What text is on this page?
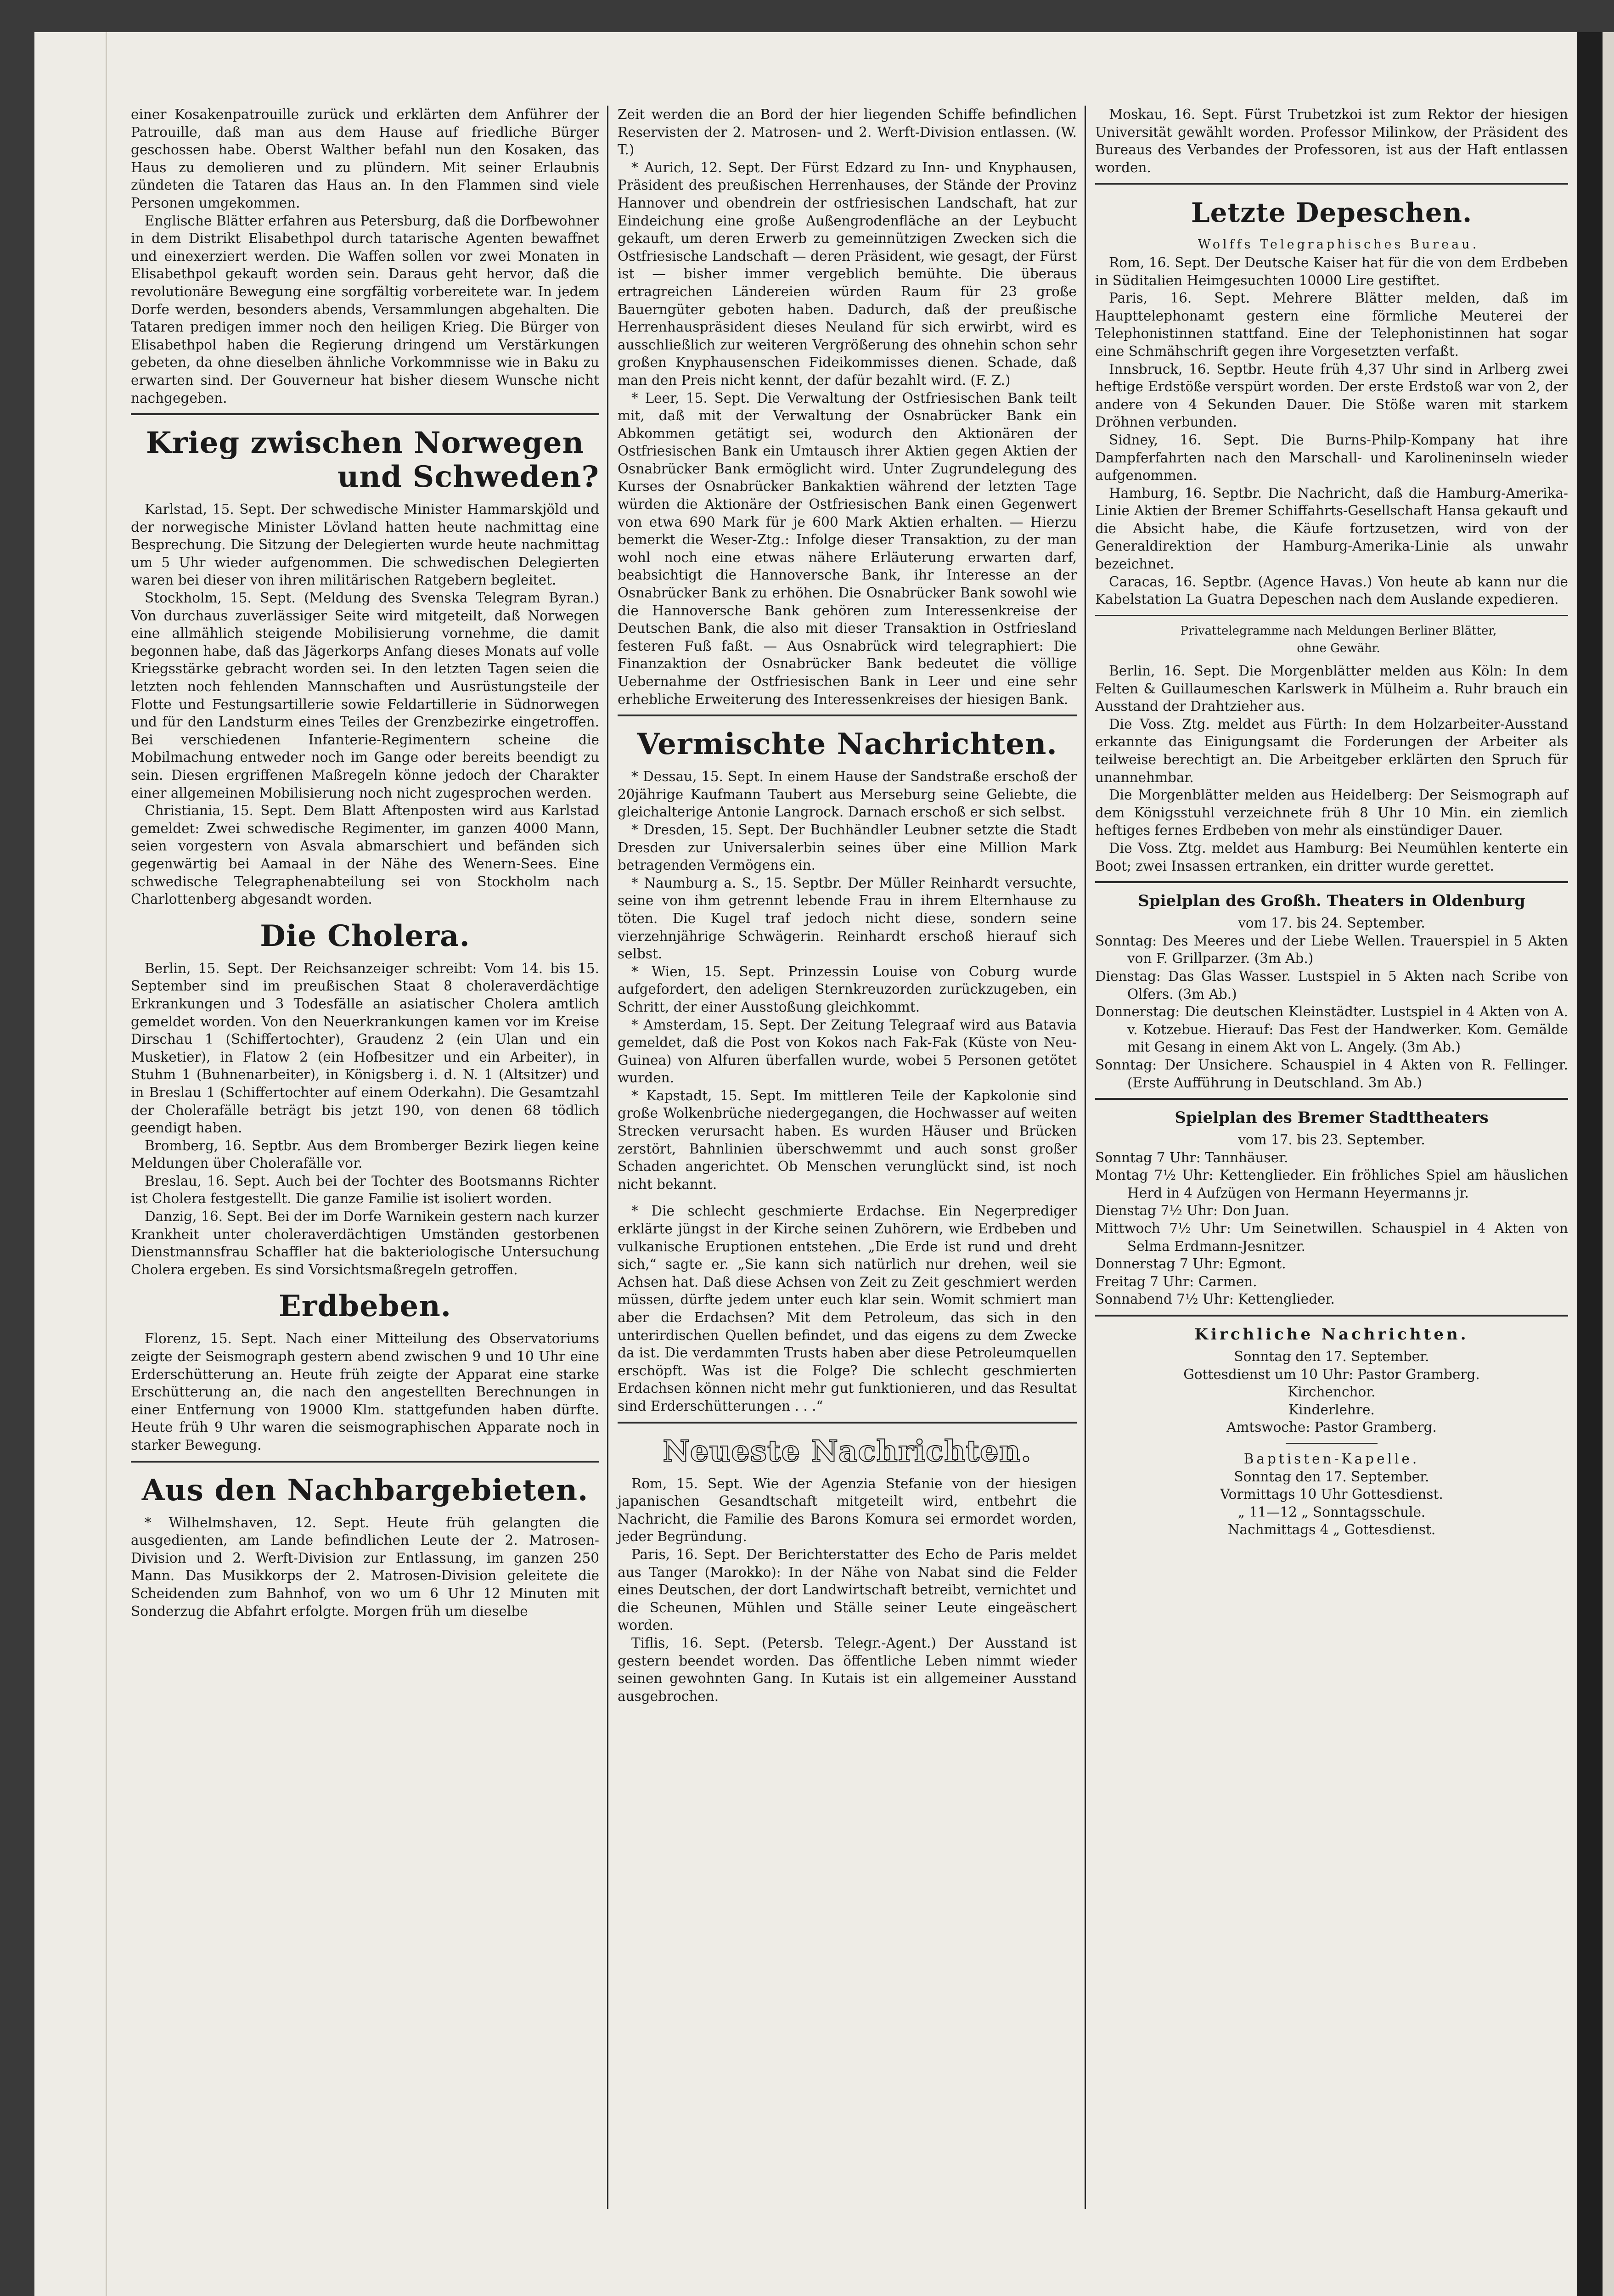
einer Kosakenpatrouille zurück und erklärten dem Anführer der Patrouille, daß man aus dem Hause auf friedliche Bürger geschossen habe. Oberst Walther befahl nun den Kosaken, das Haus zu demolieren und zu plündern. Mit seiner Erlaubnis zündeten die Tataren das Haus an. In den Flammen sind viele Personen umgekommen.

Englische Blätter erfahren aus Petersburg, daß die Dorfbewohner in dem Distrikt Elisabethpol durch tatarische Agenten bewaffnet und einexerziert werden. Die Waffen sollen vor zwei Monaten in Elisabethpol gekauft worden sein. Daraus geht hervor, daß die revolutionäre Bewegung eine sorgfältig vorbereitete war. In jedem Dorfe werden, besonders abends, Versammlungen abgehalten. Die Tataren predigen immer noch den heiligen Krieg. Die Bürger von Elisabethpol haben die Regierung dringend um Verstärkungen gebeten, da ohne dieselben ähnliche Vorkommnisse wie in Baku zu erwarten sind. Der Gouverneur hat bisher diesem Wunsche nicht nachgegeben.

Krieg zwischen Norwegen
und Schweden?

Karlstad, 15. Sept. Der schwedische Minister Hammarskjöld und der norwegische Minister Lövland hatten heute nachmittag eine Besprechung. Die Sitzung der Delegierten wurde heute nachmittag um 5 Uhr wieder aufgenommen. Die schwedischen Delegierten waren bei dieser von ihren militärischen Ratgebern begleitet.

Stockholm, 15. Sept. (Meldung des Svenska Telegram Byran.) Von durchaus zuverlässiger Seite wird mitgeteilt, daß Norwegen eine allmählich steigende Mobilisierung vornehme, die damit begonnen habe, daß das Jägerkorps Anfang dieses Monats auf volle Kriegsstärke gebracht worden sei. In den letzten Tagen seien die letzten noch fehlenden Mannschaften und Ausrüstungsteile der Flotte und Festungsartillerie sowie Feldartillerie in Südnorwegen und für den Landsturm eines Teiles der Grenzbezirke eingetroffen. Bei verschiedenen Infanterie-Regimentern scheine die Mobilmachung entweder noch im Gange oder bereits beendigt zu sein. Diesen ergriffenen Maßregeln könne jedoch der Charakter einer allgemeinen Mobilisierung noch nicht zugesprochen werden.

Christiania, 15. Sept. Dem Blatt Aftenposten wird aus Karlstad gemeldet: Zwei schwedische Regimenter, im ganzen 4000 Mann, seien vorgestern von Asvala abmarschiert und befänden sich gegenwärtig bei Aamaal in der Nähe des Wenern-Sees. Eine schwedische Telegraphenabteilung sei von Stockholm nach Charlottenberg abgesandt worden.

Die Cholera.

Berlin, 15. Sept. Der Reichsanzeiger schreibt: Vom 14. bis 15. September sind im preußischen Staat 8 choleraverdächtige Erkrankungen und 3 Todesfälle an asiatischer Cholera amtlich gemeldet worden. Von den Neuerkrankungen kamen vor im Kreise Dirschau 1 (Schiffertochter), Graudenz 2 (ein Ulan und ein Musketier), in Flatow 2 (ein Hofbesitzer und ein Arbeiter), in Stuhm 1 (Buhnenarbeiter), in Königsberg i. d. N. 1 (Altsitzer) und in Breslau 1 (Schiffertochter auf einem Oderkahn). Die Gesamtzahl der Cholerafälle beträgt bis jetzt 190, von denen 68 tödlich geendigt haben.

Bromberg, 16. Septbr. Aus dem Bromberger Bezirk liegen keine Meldungen über Cholerafälle vor.

Breslau, 16. Sept. Auch bei der Tochter des Bootsmanns Richter ist Cholera festgestellt. Die ganze Familie ist isoliert worden.

Danzig, 16. Sept. Bei der im Dorfe Warnikein gestern nach kurzer Krankheit unter choleraverdächtigen Umständen gestorbenen Dienstmannsfrau Schaffler hat die bakteriologische Untersuchung Cholera ergeben. Es sind Vorsichtsmaßregeln getroffen.

Erdbeben.

Florenz, 15. Sept. Nach einer Mitteilung des Observatoriums zeigte der Seismograph gestern abend zwischen 9 und 10 Uhr eine Erderschütterung an. Heute früh zeigte der Apparat eine starke Erschütterung an, die nach den angestellten Berechnungen in einer Entfernung von 19000 Klm. stattgefunden haben dürfte. Heute früh 9 Uhr waren die seismographischen Apparate noch in starker Bewegung.

Aus den Nachbargebieten.

* Wilhelmshaven, 12. Sept. Heute früh gelangten die ausgedienten, am Lande befindlichen Leute der 2. Matrosen-Division und 2. Werft-Division zur Entlassung, im ganzen 250 Mann. Das Musikkorps der 2. Matrosen-Division geleitete die Scheidenden zum Bahnhof, von wo um 6 Uhr 12 Minuten mit Sonderzug die Abfahrt erfolgte. Morgen früh um dieselbe

Zeit werden die an Bord der hier liegenden Schiffe befindlichen Reservisten der 2. Matrosen- und 2. Werft-Division entlassen. (W. T.)

* Aurich, 12. Sept. Der Fürst Edzard zu Inn- und Knyphausen, Präsident des preußischen Herrenhauses, der Stände der Provinz Hannover und obendrein der ostfriesischen Landschaft, hat zur Eindeichung eine große Außengrodenfläche an der Leybucht gekauft, um deren Erwerb zu gemeinnützigen Zwecken sich die Ostfriesische Landschaft — deren Präsident, wie gesagt, der Fürst ist — bisher immer vergeblich bemühte. Die überaus ertragreichen Ländereien würden Raum für 23 große Bauerngüter geboten haben. Dadurch, daß der preußische Herrenhauspräsident dieses Neuland für sich erwirbt, wird es ausschließlich zur weiteren Vergrößerung des ohnehin schon sehr großen Knyphausenschen Fideikommisses dienen. Schade, daß man den Preis nicht kennt, der dafür bezahlt wird. (F. Z.)

* Leer, 15. Sept. Die Verwaltung der Ostfriesischen Bank teilt mit, daß mit der Verwaltung der Osnabrücker Bank ein Abkommen getätigt sei, wodurch den Aktionären der Ostfriesischen Bank ein Umtausch ihrer Aktien gegen Aktien der Osnabrücker Bank ermöglicht wird. Unter Zugrundelegung des Kurses der Osnabrücker Bankaktien während der letzten Tage würden die Aktionäre der Ostfriesischen Bank einen Gegenwert von etwa 690 Mark für je 600 Mark Aktien erhalten. — Hierzu bemerkt die Weser-Ztg.: Infolge dieser Transaktion, zu der man wohl noch eine etwas nähere Erläuterung erwarten darf, beabsichtigt die Hannoversche Bank, ihr Interesse an der Osnabrücker Bank zu erhöhen. Die Osnabrücker Bank sowohl wie die Hannoversche Bank gehören zum Interessenkreise der Deutschen Bank, die also mit dieser Transaktion in Ostfriesland festeren Fuß faßt. — Aus Osnabrück wird telegraphiert: Die Finanzaktion der Osnabrücker Bank bedeutet die völlige Uebernahme der Ostfriesischen Bank in Leer und eine sehr erhebliche Erweiterung des Interessenkreises der hiesigen Bank.

Vermischte Nachrichten.

* Dessau, 15. Sept. In einem Hause der Sandstraße erschoß der 20jährige Kaufmann Taubert aus Merseburg seine Geliebte, die gleichalterige Antonie Langrock. Darnach erschoß er sich selbst.

* Dresden, 15. Sept. Der Buchhändler Leubner setzte die Stadt Dresden zur Universalerbin seines über eine Million Mark betragenden Vermögens ein.

* Naumburg a. S., 15. Septbr. Der Müller Reinhardt versuchte, seine von ihm getrennt lebende Frau in ihrem Elternhause zu töten. Die Kugel traf jedoch nicht diese, sondern seine vierzehnjährige Schwägerin. Reinhardt erschoß hierauf sich selbst.

* Wien, 15. Sept. Prinzessin Louise von Coburg wurde aufgefordert, den adeligen Sternkreuzorden zurückzugeben, ein Schritt, der einer Ausstoßung gleichkommt.

* Amsterdam, 15. Sept. Der Zeitung Telegraaf wird aus Batavia gemeldet, daß die Post von Kokos nach Fak-Fak (Küste von Neu-Guinea) von Alfuren überfallen wurde, wobei 5 Personen getötet wurden.

* Kapstadt, 15. Sept. Im mittleren Teile der Kapkolonie sind große Wolkenbrüche niedergegangen, die Hochwasser auf weiten Strecken verursacht haben. Es wurden Häuser und Brücken zerstört, Bahnlinien überschwemmt und auch sonst großer Schaden angerichtet. Ob Menschen verunglückt sind, ist noch nicht bekannt.

* Die schlecht geschmierte Erdachse. Ein Negerprediger erklärte jüngst in der Kirche seinen Zuhörern, wie Erdbeben und vulkanische Eruptionen entstehen. „Die Erde ist rund und dreht sich,“ sagte er. „Sie kann sich natürlich nur drehen, weil sie Achsen hat. Daß diese Achsen von Zeit zu Zeit geschmiert werden müssen, dürfte jedem unter euch klar sein. Womit schmiert man aber die Erdachsen? Mit dem Petroleum, das sich in den unterirdischen Quellen befindet, und das eigens zu dem Zwecke da ist. Die verdammten Trusts haben aber diese Petroleumquellen erschöpft. Was ist die Folge? Die schlecht geschmierten Erdachsen können nicht mehr gut funktionieren, und das Resultat sind Erderschütterungen . . .“

Neueste Nachrichten.

Rom, 15. Sept. Wie der Agenzia Stefanie von der hiesigen japanischen Gesandtschaft mitgeteilt wird, entbehrt die Nachricht, die Familie des Barons Komura sei ermordet worden, jeder Begründung.

Paris, 16. Sept. Der Berichterstatter des Echo de Paris meldet aus Tanger (Marokko): In der Nähe von Nabat sind die Felder eines Deutschen, der dort Landwirtschaft betreibt, vernichtet und die Scheunen, Mühlen und Ställe seiner Leute eingeäschert worden.

Tiflis, 16. Sept. (Petersb. Telegr.-Agent.) Der Ausstand ist gestern beendet worden. Das öffentliche Leben nimmt wieder seinen gewohnten Gang. In Kutais ist ein allgemeiner Ausstand ausgebrochen.

Moskau, 16. Sept. Fürst Trubetzkoi ist zum Rektor der hiesigen Universität gewählt worden. Professor Milinkow, der Präsident des Bureaus des Verbandes der Professoren, ist aus der Haft entlassen worden.

Letzte Depeschen.

Wolffs Telegraphisches Bureau.

Rom, 16. Sept. Der Deutsche Kaiser hat für die von dem Erdbeben in Süditalien Heimgesuchten 10000 Lire gestiftet.

Paris, 16. Sept. Mehrere Blätter melden, daß im Haupttelephonamt gestern eine förmliche Meuterei der Telephonistinnen stattfand. Eine der Telephonistinnen hat sogar eine Schmähschrift gegen ihre Vorgesetzten verfaßt.

Innsbruck, 16. Septbr. Heute früh 4,37 Uhr sind in Arlberg zwei heftige Erdstöße verspürt worden. Der erste Erdstoß war von 2, der andere von 4 Sekunden Dauer. Die Stöße waren mit starkem Dröhnen verbunden.

Sidney, 16. Sept. Die Burns-Philp-Kompany hat ihre Dampferfahrten nach den Marschall- und Karolineninseln wieder aufgenommen.

Hamburg, 16. Septbr. Die Nachricht, daß die Hamburg-Amerika-Linie Aktien der Bremer Schiffahrts-Gesellschaft Hansa gekauft und die Absicht habe, die Käufe fortzusetzen, wird von der Generaldirektion der Hamburg-Amerika-Linie als unwahr bezeichnet.

Caracas, 16. Septbr. (Agence Havas.) Von heute ab kann nur die Kabelstation La Guatra Depeschen nach dem Auslande expedieren.

Privattelegramme nach Meldungen Berliner Blätter,

ohne Gewähr.

Berlin, 16. Sept. Die Morgenblätter melden aus Köln: In dem Felten & Guillaumeschen Karlswerk in Mülheim a. Ruhr brauch ein Ausstand der Drahtzieher aus.

Die Voss. Ztg. meldet aus Fürth: In dem Holzarbeiter-Ausstand erkannte das Einigungsamt die Forderungen der Arbeiter als teilweise berechtigt an. Die Arbeitgeber erklärten den Spruch für unannehmbar.

Die Morgenblätter melden aus Heidelberg: Der Seismograph auf dem Königsstuhl verzeichnete früh 8 Uhr 10 Min. ein ziemlich heftiges fernes Erdbeben von mehr als einstündiger Dauer.

Die Voss. Ztg. meldet aus Hamburg: Bei Neumühlen kenterte ein Boot; zwei Insassen ertranken, ein dritter wurde gerettet.

Spielplan des Großh. Theaters in Oldenburg

vom 17. bis 24. September.

Sonntag: Des Meeres und der Liebe Wellen. Trauerspiel in 5 Akten von F. Grillparzer. (3m Ab.)

Dienstag: Das Glas Wasser. Lustspiel in 5 Akten nach Scribe von Olfers. (3m Ab.)

Donnerstag: Die deutschen Kleinstädter. Lustspiel in 4 Akten von A. v. Kotzebue. Hierauf: Das Fest der Handwerker. Kom. Gemälde mit Gesang in einem Akt von L. Angely. (3m Ab.)

Sonntag: Der Unsichere. Schauspiel in 4 Akten von R. Fellinger. (Erste Aufführung in Deutschland. 3m Ab.)

Spielplan des Bremer Stadttheaters

vom 17. bis 23. September.

Sonntag 7 Uhr: Tannhäuser.

Montag 7½ Uhr: Kettenglieder. Ein fröhliches Spiel am häuslichen Herd in 4 Aufzügen von Hermann Heyermanns jr.

Dienstag 7½ Uhr: Don Juan.

Mittwoch 7½ Uhr: Um Seinetwillen. Schauspiel in 4 Akten von Selma Erdmann-Jesnitzer.

Donnerstag 7 Uhr: Egmont.

Freitag 7 Uhr: Carmen.

Sonnabend 7½ Uhr: Kettenglieder.

Kirchliche Nachrichten.

Sonntag den 17. September.

Gottesdienst um 10 Uhr: Pastor Gramberg.

Kirchenchor.

Kinderlehre.

Amtswoche: Pastor Gramberg.

Baptisten-Kapelle.

Sonntag den 17. September.

Vormittags 10 Uhr Gottesdienst.

„ 11—12 „ Sonntagsschule.

Nachmittags 4 „ Gottesdienst.
